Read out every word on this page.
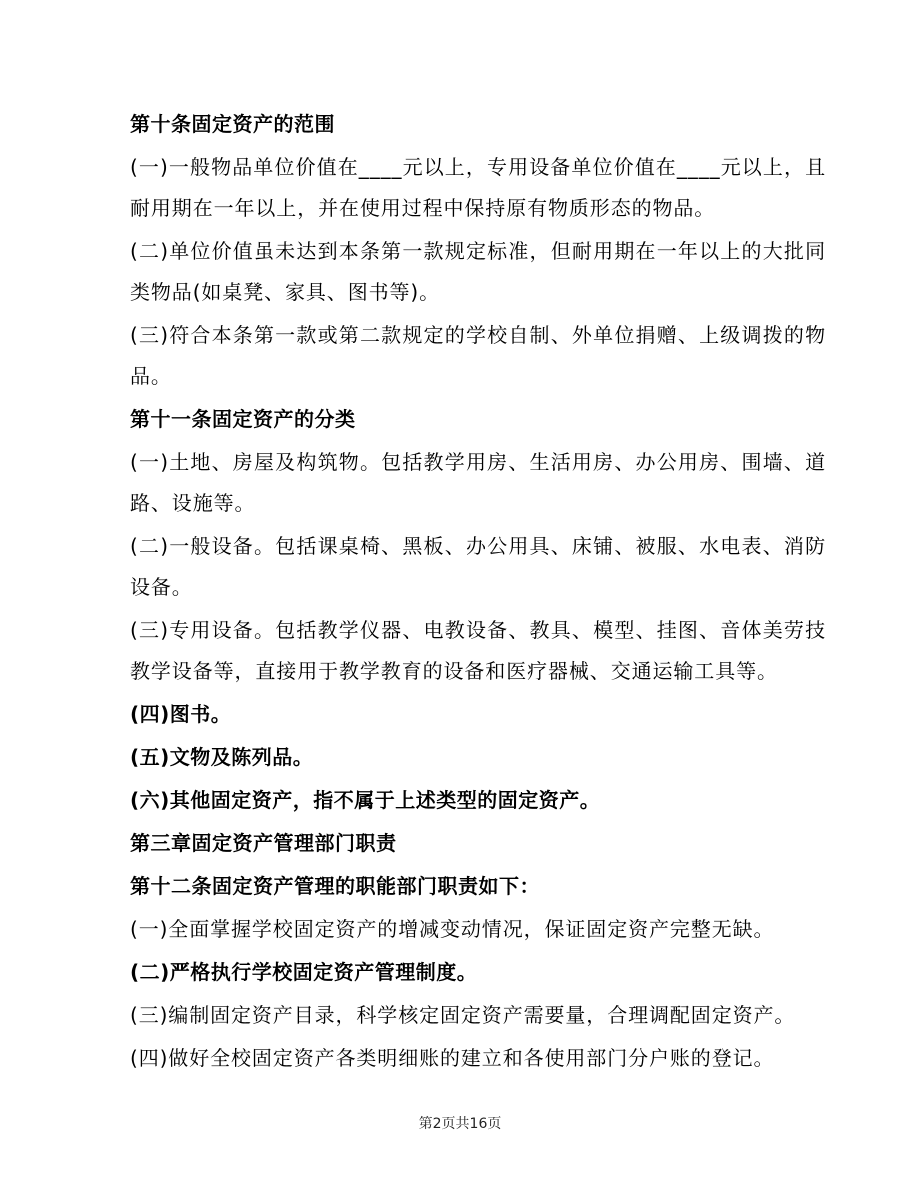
第十条固定资产的范围
(一)一般物品单位价值在____元以上，专用设备单位价值在____元以上，且耐用期在一年以上，并在使用过程中保持原有物质形态的物品。
(二)单位价值虽未达到本条第一款规定标准，但耐用期在一年以上的大批同类物品(如桌凳、家具、图书等)。
(三)符合本条第一款或第二款规定的学校自制、外单位捐赠、上级调拨的物品。
第十一条固定资产的分类
(一)土地、房屋及构筑物。包括教学用房、生活用房、办公用房、围墙、道路、设施等。
(二)一般设备。包括课桌椅、黑板、办公用具、床铺、被服、水电表、消防设备。
(三)专用设备。包括教学仪器、电教设备、教具、模型、挂图、音体美劳技教学设备等，直接用于教学教育的设备和医疗器械、交通运输工具等。
(四)图书。
(五)文物及陈列品。
(六)其他固定资产，指不属于上述类型的固定资产。
第三章固定资产管理部门职责
第十二条固定资产管理的职能部门职责如下：
(一)全面掌握学校固定资产的增减变动情况，保证固定资产完整无缺。
(二)严格执行学校固定资产管理制度。
(三)编制固定资产目录，科学核定固定资产需要量，合理调配固定资产。
(四)做好全校固定资产各类明细账的建立和各使用部门分户账的登记。
第2页共16页
